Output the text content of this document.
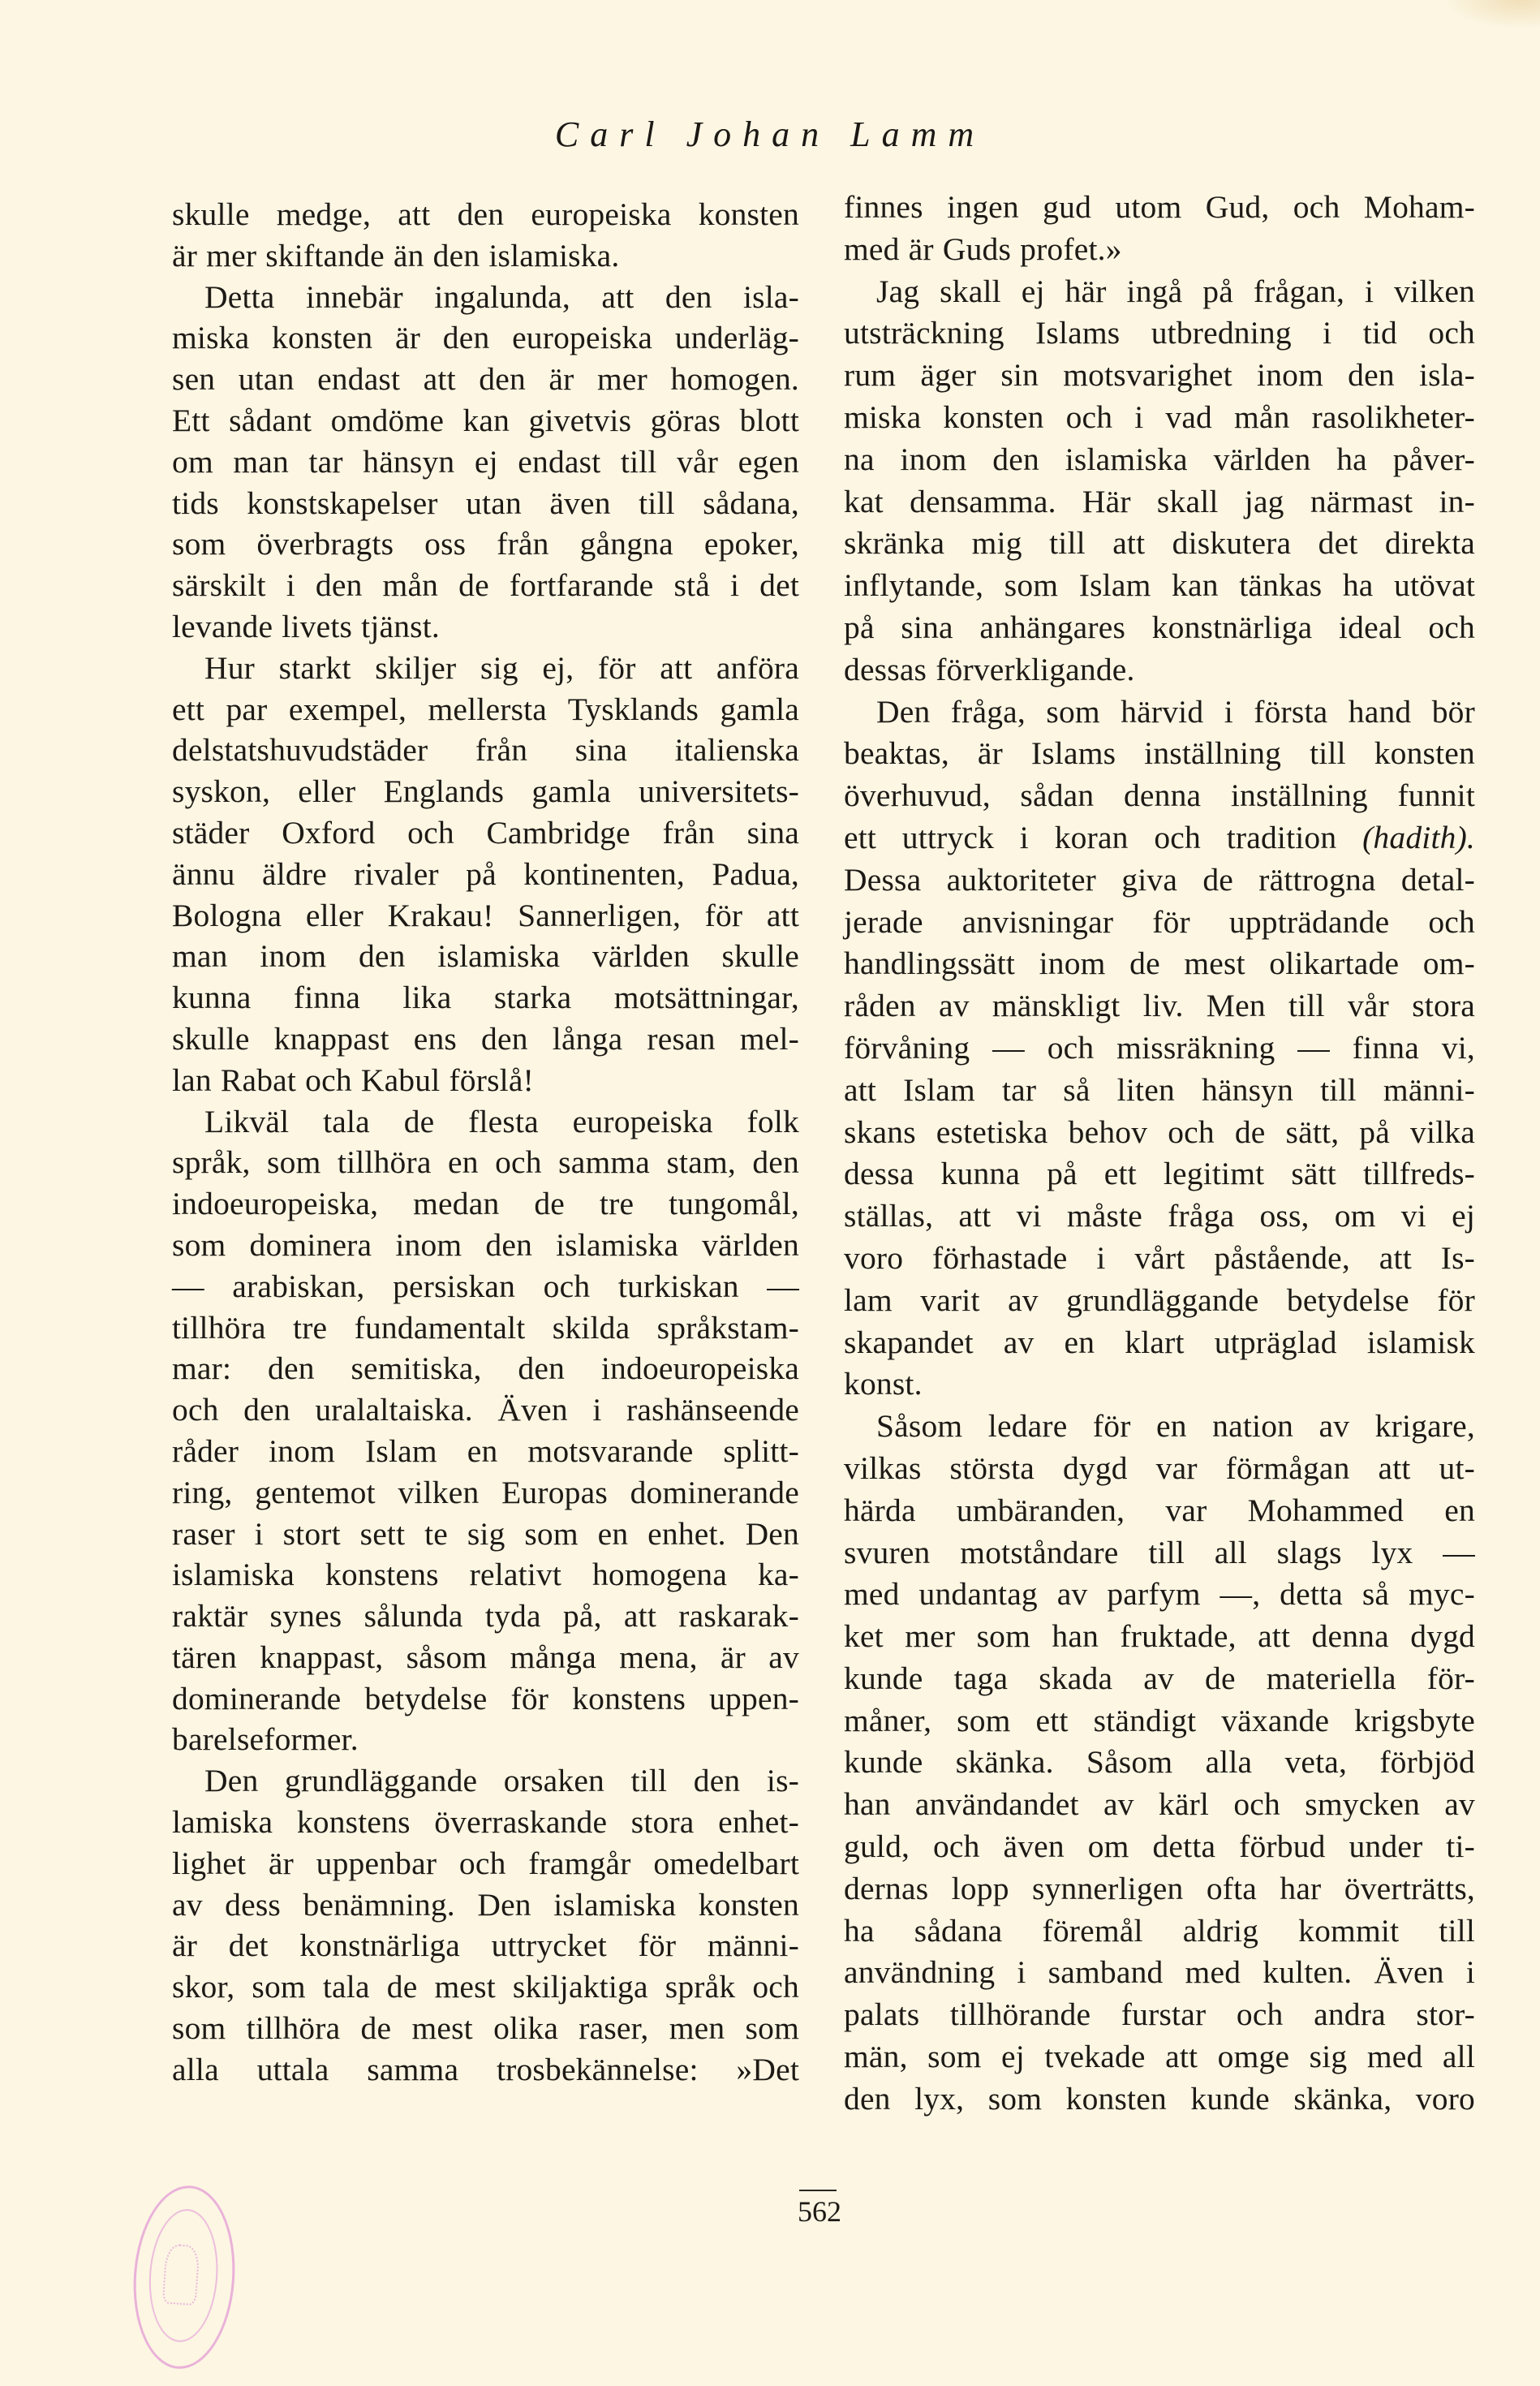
Carl Johan Lamm
skulle medge, att den europeiska konsten
är mer skiftande än den islamiska.
Detta innebär ingalunda, att den isla-
miska konsten är den europeiska underläg-
sen utan endast att den är mer homogen.
Ett sådant omdöme kan givetvis göras blott
om man tar hänsyn ej endast till vår egen
tids konstskapelser utan även till sådana,
som överbragts oss från gångna epoker,
särskilt i den mån de fortfarande stå i det
levande livets tjänst.
Hur starkt skiljer sig ej, för att anföra
ett par exempel, mellersta Tysklands gamla
delstatshuvudstäder från sina italienska
syskon, eller Englands gamla universitets-
städer Oxford och Cambridge från sina
ännu äldre rivaler på kontinenten, Padua,
Bologna eller Krakau! Sannerligen, för att
man inom den islamiska världen skulle
kunna finna lika starka motsättningar,
skulle knappast ens den långa resan mel-
lan Rabat och Kabul förslå!
Likväl tala de flesta europeiska folk
språk, som tillhöra en och samma stam, den
indoeuropeiska, medan de tre tungomål,
som dominera inom den islamiska världen
— arabiskan, persiskan och turkiskan —
tillhöra tre fundamentalt skilda språkstam-
mar: den semitiska, den indoeuropeiska
och den uralaltaiska. Även i rashänseende
råder inom Islam en motsvarande splitt-
ring, gentemot vilken Europas dominerande
raser i stort sett te sig som en enhet. Den
islamiska konstens relativt homogena ka-
raktär synes sålunda tyda på, att raskarak-
tären knappast, såsom många mena, är av
dominerande betydelse för konstens uppen-
barelseformer.
Den grundläggande orsaken till den is-
lamiska konstens överraskande stora enhet-
lighet är uppenbar och framgår omedelbart
av dess benämning. Den islamiska konsten
är det konstnärliga uttrycket för männi-
skor, som tala de mest skiljaktiga språk och
som tillhöra de mest olika raser, men som
alla uttala samma trosbekännelse: »Det
finnes ingen gud utom Gud, och Moham-
med är Guds profet.»
Jag skall ej här ingå på frågan, i vilken
utsträckning Islams utbredning i tid och
rum äger sin motsvarighet inom den isla-
miska konsten och i vad mån rasolikheter-
na inom den islamiska världen ha påver-
kat densamma. Här skall jag närmast in-
skränka mig till att diskutera det direkta
inflytande, som Islam kan tänkas ha utövat
på sina anhängares konstnärliga ideal och
dessas förverkligande.
Den fråga, som härvid i första hand bör
beaktas, är Islams inställning till konsten
överhuvud, sådan denna inställning funnit
ett uttryck i koran och tradition (hadith).
Dessa auktoriteter giva de rättrogna detal-
jerade anvisningar för uppträdande och
handlingssätt inom de mest olikartade om-
råden av mänskligt liv. Men till vår stora
förvåning — och missräkning — finna vi,
att Islam tar så liten hänsyn till männi-
skans estetiska behov och de sätt, på vilka
dessa kunna på ett legitimt sätt tillfreds-
ställas, att vi måste fråga oss, om vi ej
voro förhastade i vårt påstående, att Is-
lam varit av grundläggande betydelse för
skapandet av en klart utpräglad islamisk
konst.
Såsom ledare för en nation av krigare,
vilkas största dygd var förmågan att ut-
härda umbäranden, var Mohammed en
svuren motståndare till all slags lyx —
med undantag av parfym —, detta så myc-
ket mer som han fruktade, att denna dygd
kunde taga skada av de materiella för-
måner, som ett ständigt växande krigsbyte
kunde skänka. Såsom alla veta, förbjöd
han användandet av kärl och smycken av
guld, och även om detta förbud under ti-
dernas lopp synnerligen ofta har överträtts,
ha sådana föremål aldrig kommit till
användning i samband med kulten. Även i
palats tillhörande furstar och andra stor-
män, som ej tvekade att omge sig med all
den lyx, som konsten kunde skänka, voro
562
